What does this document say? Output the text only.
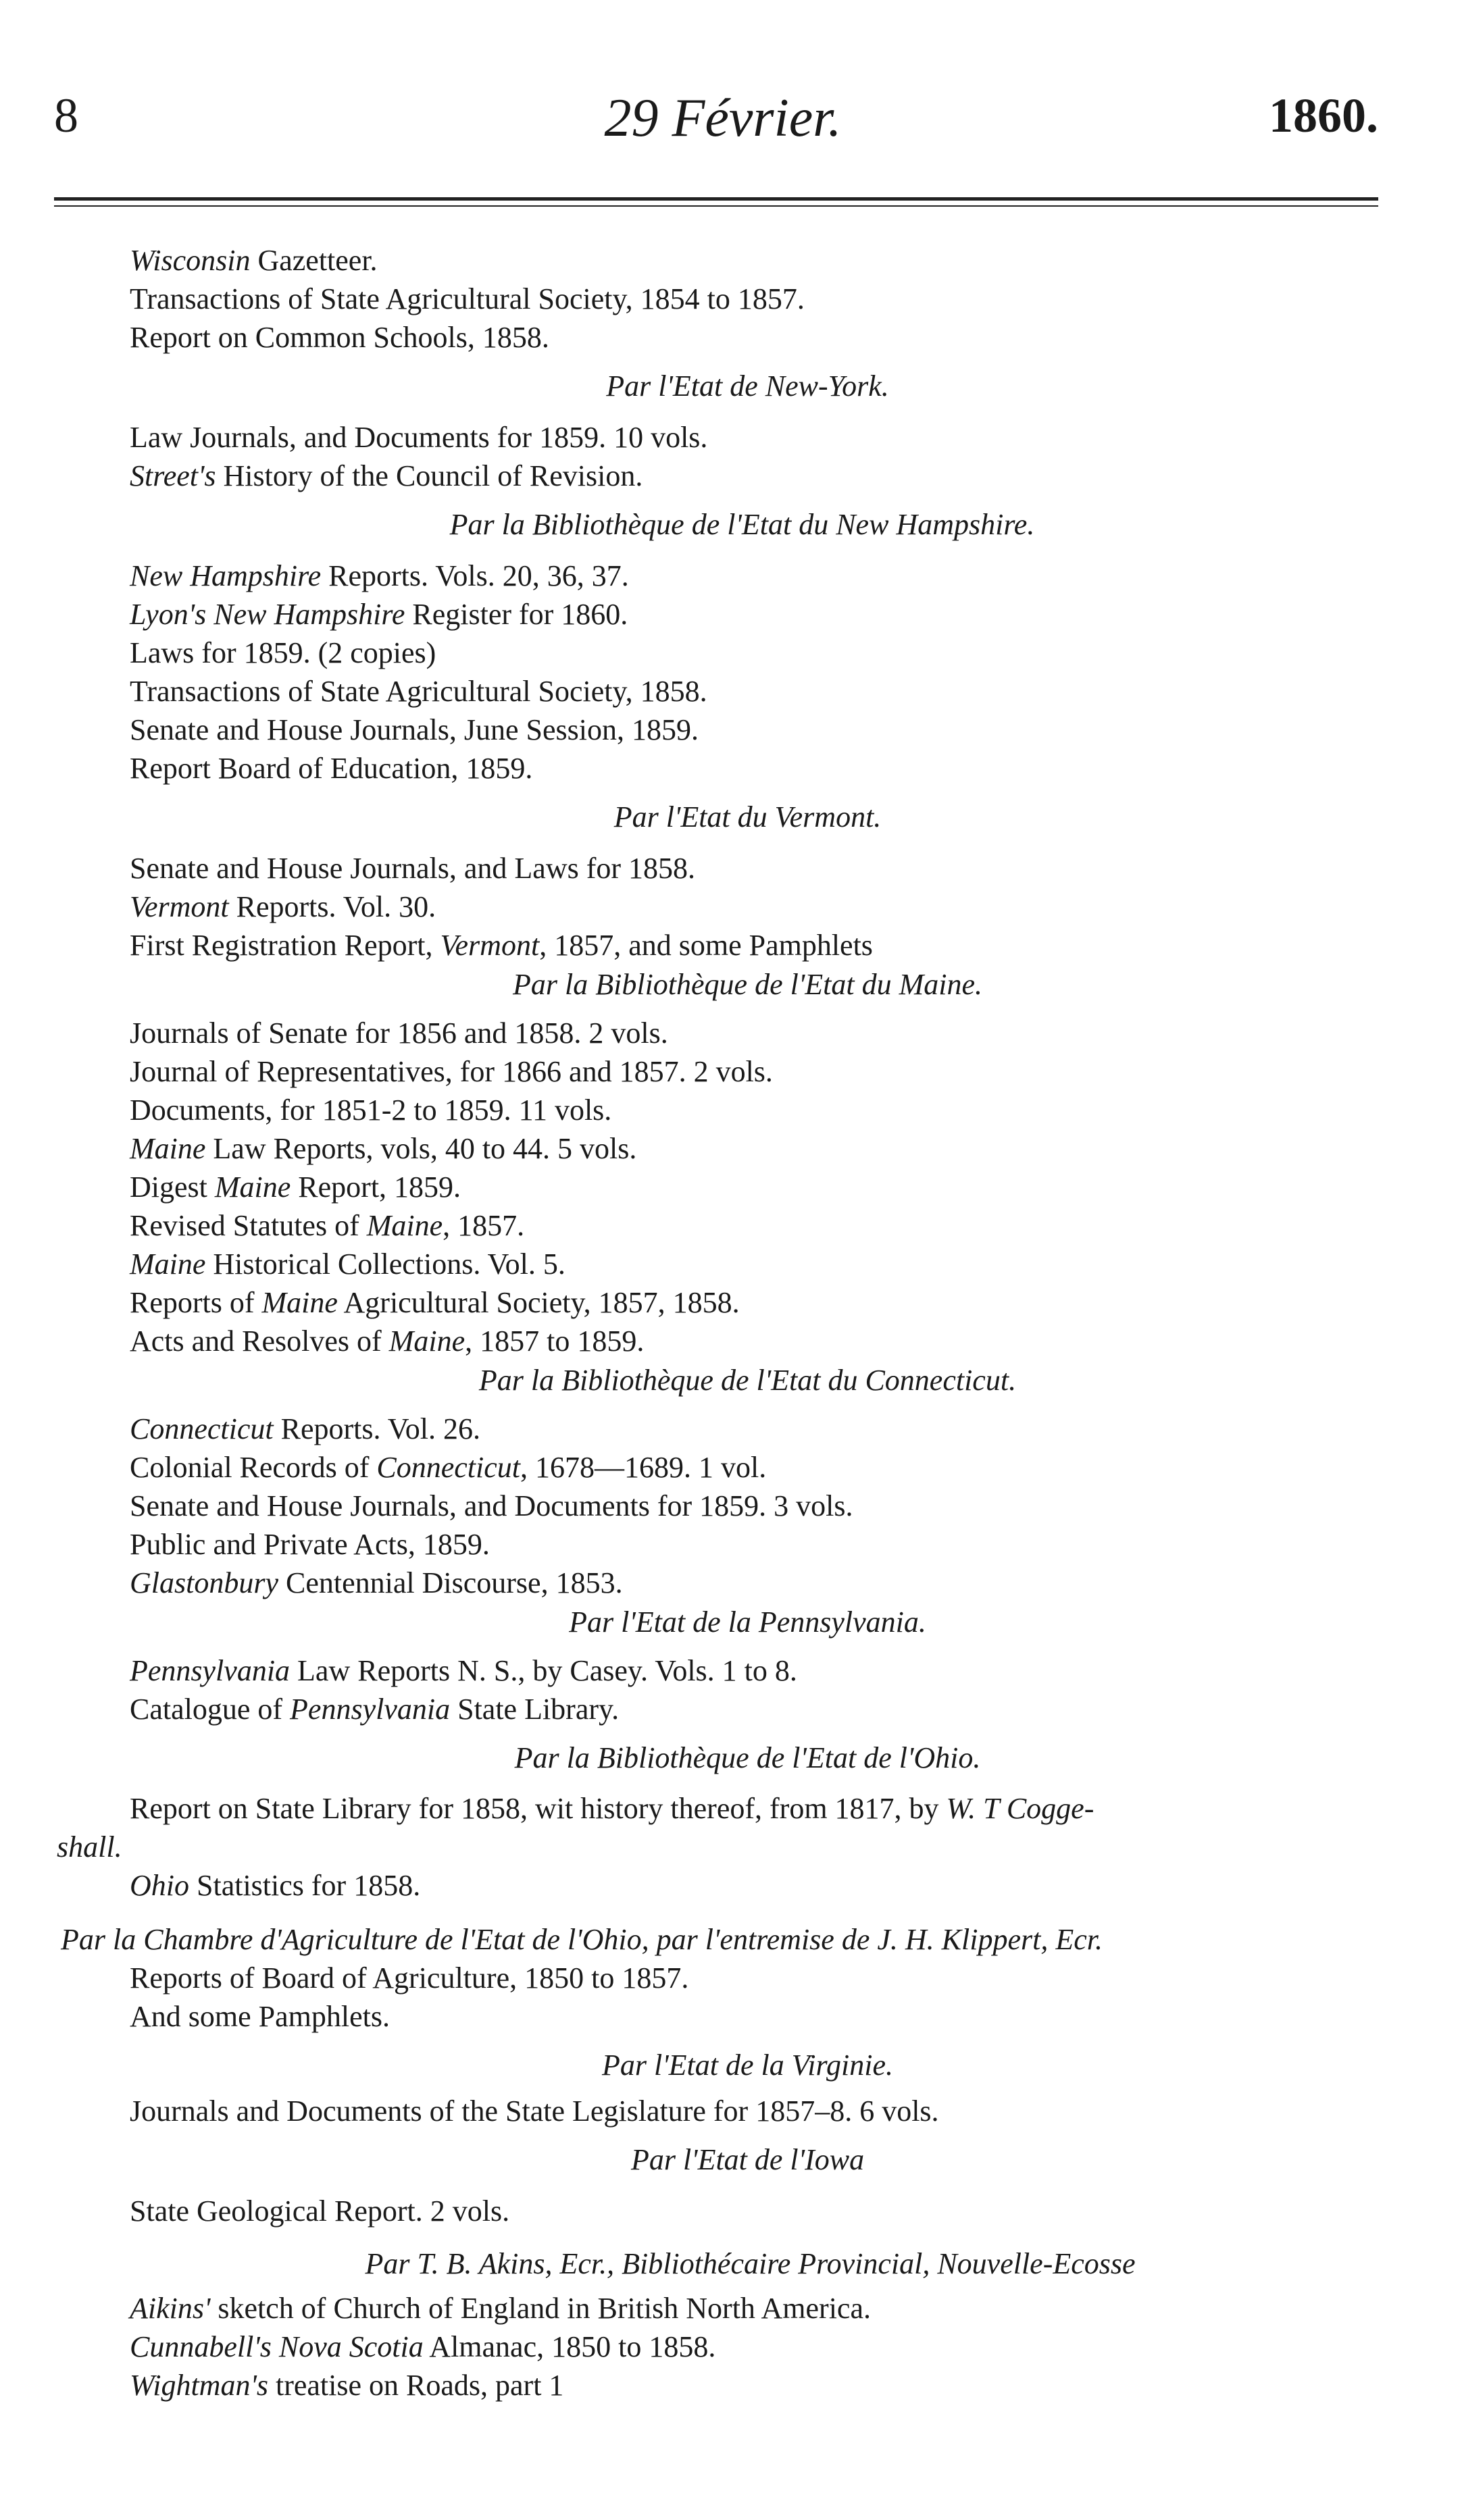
8	29 Février.	1860.
Wisconsin Gazetteer.
Transactions of State Agricultural Society, 1854 to 1857.
Report on Common Schools, 1858.
Par l'Etat de New-York.
Law Journals, and Documents for 1859. 10 vols.
Street's History of the Council of Revision.
Par la Bibliothèque de l'Etat du New Hampshire.
New Hampshire Reports. Vols. 20, 36, 37.
Lyon's New Hampshire Register for 1860.
Laws for 1859. (2 copies)
Transactions of State Agricultural Society, 1858.
Senate and House Journals, June Session, 1859.
Report Board of Education, 1859.
Par l'Etat du Vermont.
Senate and House Journals, and Laws for 1858.
Vermont Reports. Vol. 30.
First Registration Report, Vermont, 1857, and some Pamphlets
Par la Bibliothèque de l'Etat du Maine.
Journals of Senate for 1856 and 1858. 2 vols.
Journal of Representatives, for 1866 and 1857. 2 vols.
Documents, for 1851-2 to 1859. 11 vols.
Maine Law Reports, vols, 40 to 44. 5 vols.
Digest Maine Report, 1859.
Revised Statutes of Maine, 1857.
Maine Historical Collections. Vol. 5.
Reports of Maine Agricultural Society, 1857, 1858.
Acts and Resolves of Maine, 1857 to 1859.
Par la Bibliothèque de l'Etat du Connecticut.
Connecticut Reports. Vol. 26.
Colonial Records of Connecticut, 1678—1689. 1 vol.
Senate and House Journals, and Documents for 1859. 3 vols.
Public and Private Acts, 1859.
Glastonbury Centennial Discourse, 1853.
Par l'Etat de la Pennsylvania.
Pennsylvania Law Reports N. S., by Casey. Vols. 1 to 8.
Catalogue of Pennsylvania State Library.
Par la Bibliothèque de l'Etat de l'Ohio.
Report on State Library for 1858, wit history thereof, from 1817, by W. T Cogge-
shall.
Ohio Statistics for 1858.
Par la Chambre d'Agriculture de l'Etat de l'Ohio, par l'entremise de J. H. Klippert, Ecr.
Reports of Board of Agriculture, 1850 to 1857.
And some Pamphlets.
Par l'Etat de la Virginie.
Journals and Documents of the State Legislature for 1857–8. 6 vols.
Par l'Etat de l'Iowa
State Geological Report. 2 vols.
Par T. B. Akins, Ecr., Bibliothécaire Provincial, Nouvelle-Ecosse
Aikins' sketch of Church of England in British North America.
Cunnabell's Nova Scotia Almanac, 1850 to 1858.
Wightman's treatise on Roads, part 1
